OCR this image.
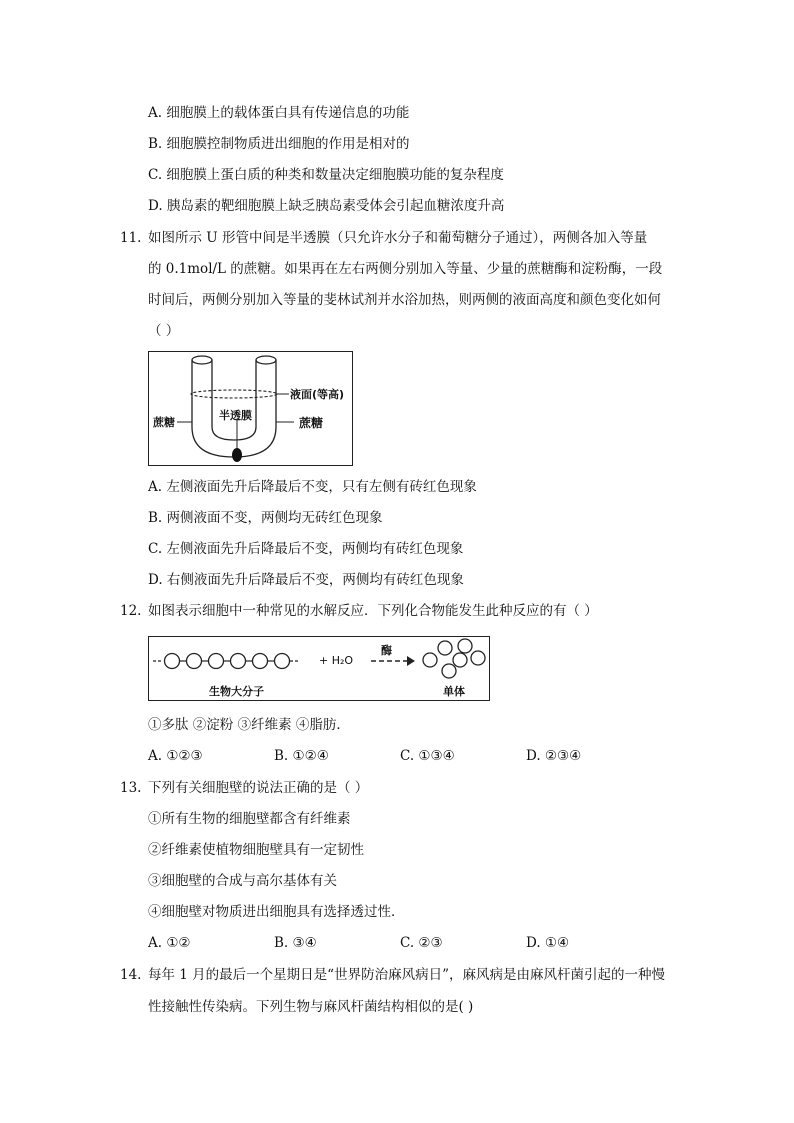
A. 细胞膜上的载体蛋白具有传递信息的功能
B. 细胞膜控制物质进出细胞的作用是相对的
C. 细胞膜上蛋白质的种类和数量决定细胞膜功能的复杂程度
D. 胰岛素的靶细胞膜上缺乏胰岛素受体会引起血糖浓度升高
11. 如图所示 U 形管中间是半透膜（只允许水分子和葡萄糖分子通过），两侧各加入等量
的 0.1mol/L 的蔗糖。如果再在左右两侧分别加入等量、少量的蔗糖酶和淀粉酶，一段
时间后，两侧分别加入等量的斐林试剂并水浴加热，则两侧的液面高度和颜色变化如何
（ ）
蔗糖
半透膜
液面(等高)
蔗糖
A. 左侧液面先升后降最后不变，只有左侧有砖红色现象
B. 两侧液面不变，两侧均无砖红色现象
C. 左侧液面先升后降最后不变，两侧均有砖红色现象
D. 右侧液面先升后降最后不变，两侧均有砖红色现象
12. 如图表示细胞中一种常见的水解反应．下列化合物能发生此种反应的有（ ）
+ H₂O
酶
生物大分子	单体
①多肽 ②淀粉 ③纤维素 ④脂肪．
A. ①②③	B. ①②④	C. ①③④	D. ②③④
13. 下列有关细胞壁的说法正确的是（ ）
①所有生物的细胞壁都含有纤维素
②纤维素使植物细胞壁具有一定韧性
③细胞壁的合成与高尔基体有关
④细胞壁对物质进出细胞具有选择透过性．
A. ①②	B. ③④	C. ②③	D. ①④
14. 每年 1 月的最后一个星期日是“世界防治麻风病日”，麻风病是由麻风杆菌引起的一种慢
性接触性传染病。下列生物与麻风杆菌结构相似的是( )
